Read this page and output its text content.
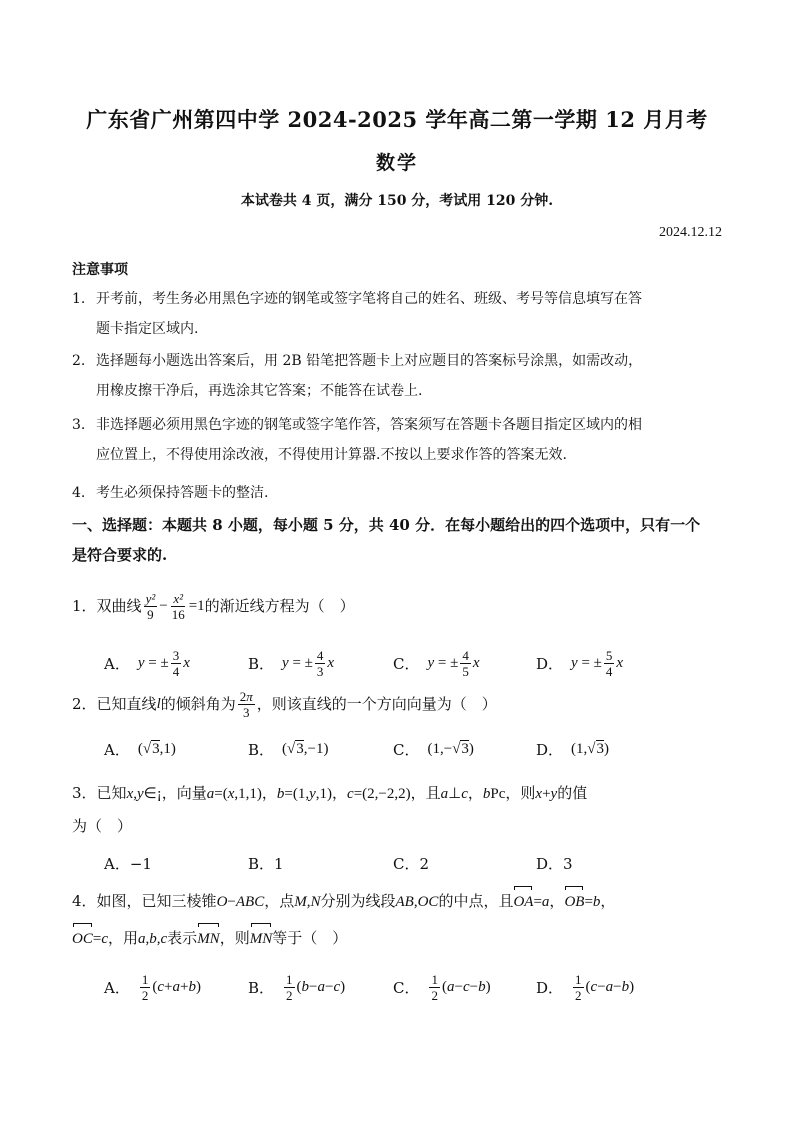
广东省广州第四中学 2024-2025 学年高二第一学期 12 月月考
数学
本试卷共 4 页，满分 150 分，考试用 120 分钟.
2024.12.12
注意事项
1. 开考前，考生务必用黑色字迹的钢笔或签字笔将自己的姓名、班级、考号等信息填写在答
题卡指定区域内.
2. 选择题每小题选出答案后，用 2B 铅笔把答题卡上对应题目的答案标号涂黑，如需改动，
用橡皮擦干净后，再选涂其它答案；不能答在试卷上.
3. 非选择题必须用黑色字迹的钢笔或签字笔作答，答案须写在答题卡各题目指定区域内的相
应位置上，不得使用涂改液，不得使用计算器.不按以上要求作答的答案无效.
4. 考生必须保持答题卡的整洁.
一、选择题：本题共 8 小题，每小题 5 分，共 40 分．在每小题给出的四个选项中，只有一个
是符合要求的.
1． 双曲线 $\frac{\text{y²}}{9} - \frac{\text{x²}}{16} =1$ 的渐近线方程为（　）
A． y = ± $\frac{3}{4}$ x	B． y = ± $\frac{4}{3}$ x	C． y = ± $\frac{4}{5}$ x	D． y = ± $\frac{5}{4}$ x
2． 已知直线 l 的倾斜角为 $\frac{2\pi}{3}$ ，则该直线的一个方向向量为（　）
A． (√3,1)	B． (√3,−1)	C． (1,−√3)	D． (1,√3)
3．已知x,y∈¡，向量a=(x,1,1)，b=(1,y,1)，c=(2,−2,2)，且a⊥c，bPc，则x+y的值
为（　）
A．−1	B．1	C．2	D．3
4．如图，已知三棱锥O−ABC，点M,N分别为线段AB,OC的中点，且OA=a，OB=b，
OC=c，用a,b,c表示MN，则MN等于（　）
A． $\frac{1}{2}$ ( c + a + b )	B． $\frac{1}{2}$ ( b − a − c )	C． $\frac{1}{2}$ ( a − c − b )	D． $\frac{1}{2}$ ( c − a − b )
